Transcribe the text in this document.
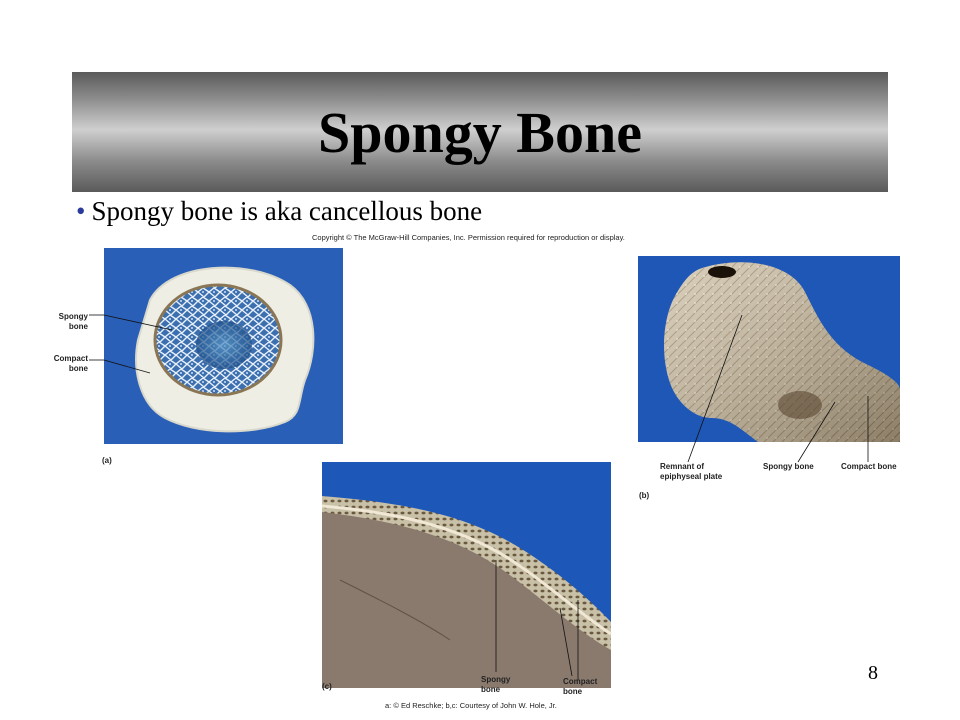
Spongy Bone
• Spongy bone is aka cancellous bone
Copyright © The McGraw-Hill Companies, Inc. Permission required for reproduction or display.
Spongy
bone
Compact
bone
(a)
Remnant of
epiphyseal plate
Spongy bone	Compact bone
(b)
Spongy
bone
Compact
bone
(c)
a: © Ed Reschke; b,c: Courtesy of John W. Hole, Jr.
8
